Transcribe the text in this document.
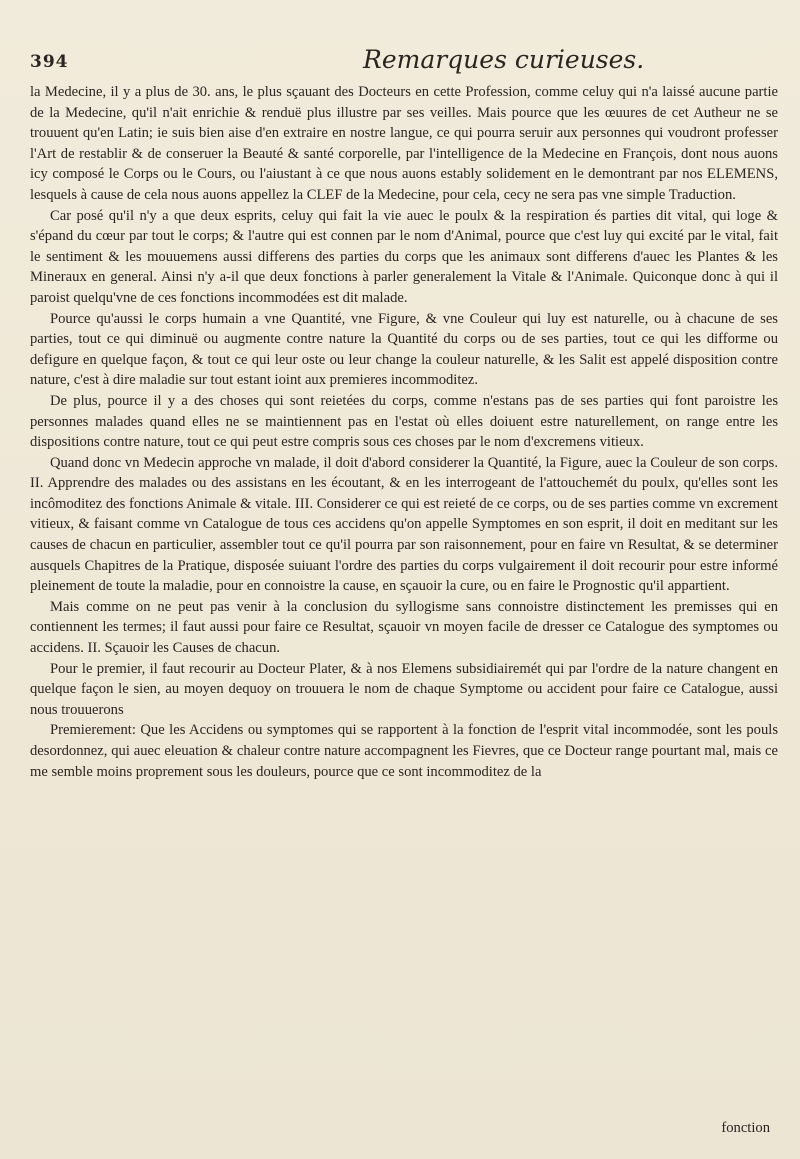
394	Remarques curieuses.

la Medecine, il y a plus de 30. ans, le plus sçauant des Docteurs en cette Profession, comme celuy qui n'a laissé aucune partie de la Medecine, qu'il n'ait enrichie & renduë plus illustre par ses veilles. Mais pource que les œuures de cet Autheur ne se trouuent qu'en Latin; ie suis bien aise d'en extraire en nostre langue, ce qui pourra seruir aux personnes qui voudront professer l'Art de restablir & de conseruer la Beauté & santé corporelle, par l'intelligence de la Medecine en François, dont nous auons icy composé le Corps ou le Cours, ou l'aiustant à ce que nous auons estably solidement en le demontrant par nos ELEMENS, lesquels à cause de cela nous auons appellez la CLEF de la Medecine, pour cela, cecy ne sera pas vne simple Traduction.

Car posé qu'il n'y a que deux esprits, celuy qui fait la vie auec le poulx & la respiration és parties dit vital, qui loge & s'épand du cœur par tout le corps; & l'autre qui est connen par le nom d'Animal, pource que c'est luy qui excité par le vital, fait le sentiment & les mouuemens aussi differens des parties du corps que les animaux sont differens d'auec les Plantes & les Mineraux en general. Ainsi n'y a-il que deux fonctions à parler generalement la Vitale & l'Animale. Quiconque donc à qui il paroist quelqu'vne de ces fonctions incommodées est dit malade.

Pource qu'aussi le corps humain a vne Quantité, vne Figure, & vne Couleur qui luy est naturelle, ou à chacune de ses parties, tout ce qui diminuë ou augmente contre nature la Quantité du corps ou de ses parties, tout ce qui les difforme ou defigure en quelque façon, & tout ce qui leur oste ou leur change la couleur naturelle, & les Salit est appelé disposition contre nature, c'est à dire maladie sur tout estant ioint aux premieres incommoditez.

De plus, pource il y a des choses qui sont reietées du corps, comme n'estans pas de ses parties qui font paroistre les personnes malades quand elles ne se maintiennent pas en l'estat où elles doiuent estre naturellement, on range entre les dispositions contre nature, tout ce qui peut estre compris sous ces choses par le nom d'excremens vitieux.

Quand donc vn Medecin approche vn malade, il doit d'abord considerer la Quantité, la Figure, auec la Couleur de son corps. II. Apprendre des malades ou des assistans en les écoutant, & en les interrogeant de l'attouchemét du poulx, qu'elles sont les incômoditez des fonctions Animale & vitale. III. Considerer ce qui est reieté de ce corps, ou de ses parties comme vn excrement vitieux, & faisant comme vn Catalogue de tous ces accidens qu'on appelle Symptomes en son esprit, il doit en meditant sur les causes de chacun en particulier, assembler tout ce qu'il pourra par son raisonnement, pour en faire vn Resultat, & se determiner ausquels Chapitres de la Pratique, disposée suiuant l'ordre des parties du corps vulgairement il doit recourir pour estre informé pleinement de toute la maladie, pour en connoistre la cause, en sçauoir la cure, ou en faire le Prognostic qu'il appartient.

Mais comme on ne peut pas venir à la conclusion du syllogisme sans connoistre distinctement les premisses qui en contiennent les termes; il faut aussi pour faire ce Resultat, sçauoir vn moyen facile de dresser ce Catalogue des symptomes ou accidens. II. Sçauoir les Causes de chacun.

Pour le premier, il faut recourir au Docteur Plater, & à nos Elemens subsidiairemét qui par l'ordre de la nature changent en quelque façon le sien, au moyen dequoy on trouuera le nom de chaque Symptome ou accident pour faire ce Catalogue, aussi nous trouuerons

Premierement: Que les Accidens ou symptomes qui se rapportent à la fonction de l'esprit vital incommodée, sont les pouls desordonnez, qui auec eleuation & chaleur contre nature accompagnent les Fievres, que ce Docteur range pourtant mal, mais ce me semble moins proprement sous les douleurs, pource que ce sont incommoditez de la

fonction
